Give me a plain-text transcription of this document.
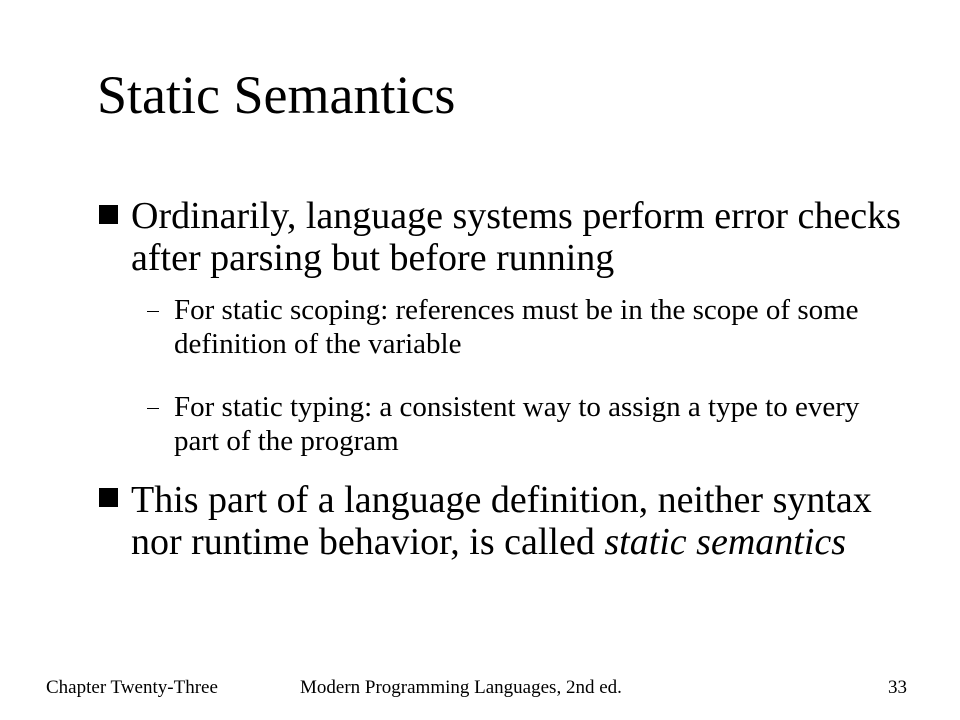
Static Semantics
Ordinarily, language systems perform error checks after parsing but before running
For static scoping: references must be in the scope of some definition of the variable
For static typing: a consistent way to assign a type to every part of the program
This part of a language definition, neither syntax nor runtime behavior, is called static semantics
Chapter Twenty-Three	Modern Programming Languages, 2nd ed.	33
